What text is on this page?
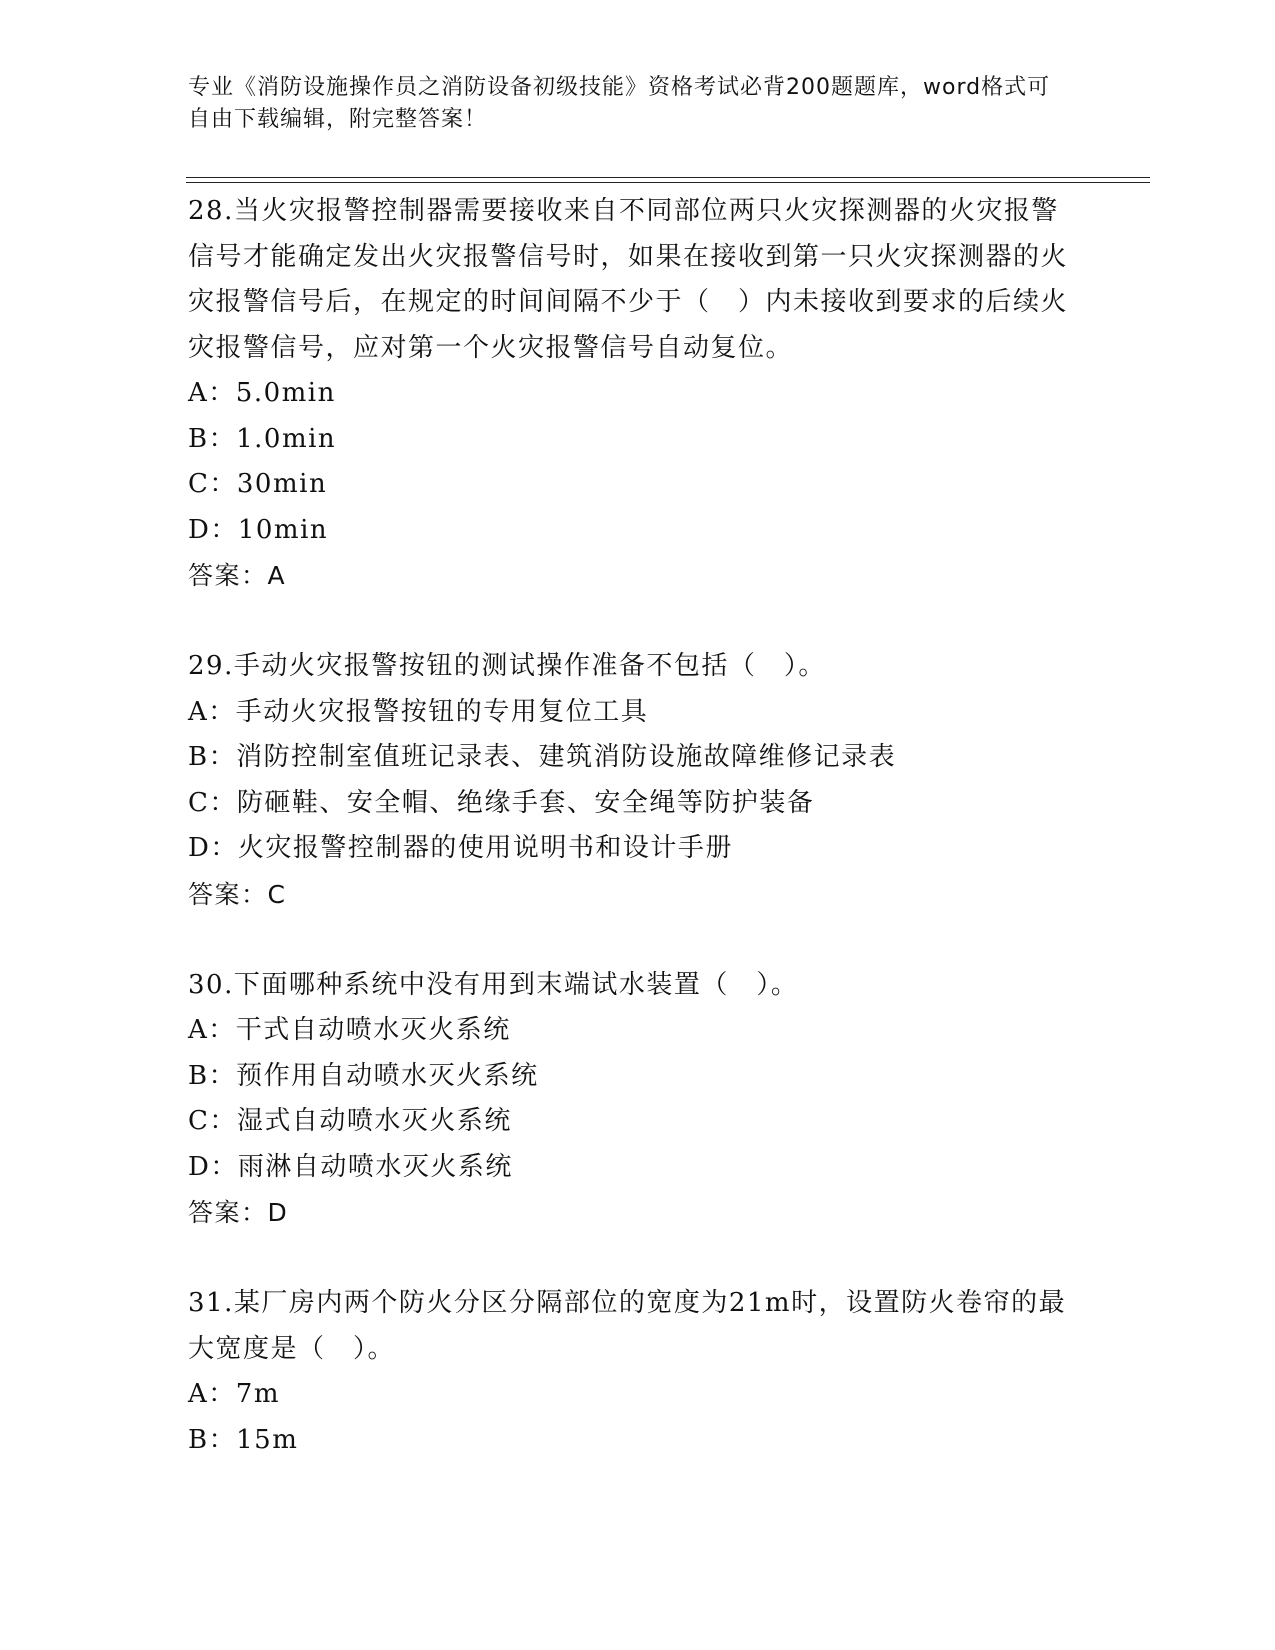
专业《消防设施操作员之消防设备初级技能》资格考试必背200题题库，word格式可自由下载编辑，附完整答案！

28.当火灾报警控制器需要接收来自不同部位两只火灾探测器的火灾报警信号才能确定发出火灾报警信号时，如果在接收到第一只火灾探测器的火灾报警信号后，在规定的时间间隔不少于（　）内未接收到要求的后续火灾报警信号，应对第一个火灾报警信号自动复位。

A：5.0min

B：1.0min

C：30min

D：10min

答案：A

29.手动火灾报警按钮的测试操作准备不包括（　）。

A：手动火灾报警按钮的专用复位工具

B：消防控制室值班记录表、建筑消防设施故障维修记录表

C：防砸鞋、安全帽、绝缘手套、安全绳等防护装备

D：火灾报警控制器的使用说明书和设计手册

答案：C

30.下面哪种系统中没有用到末端试水装置（　）。

A：干式自动喷水灭火系统

B：预作用自动喷水灭火系统

C：湿式自动喷水灭火系统

D：雨淋自动喷水灭火系统

答案：D

31.某厂房内两个防火分区分隔部位的宽度为21m时，设置防火卷帘的最大宽度是（　）。

A：7m

B：15m
